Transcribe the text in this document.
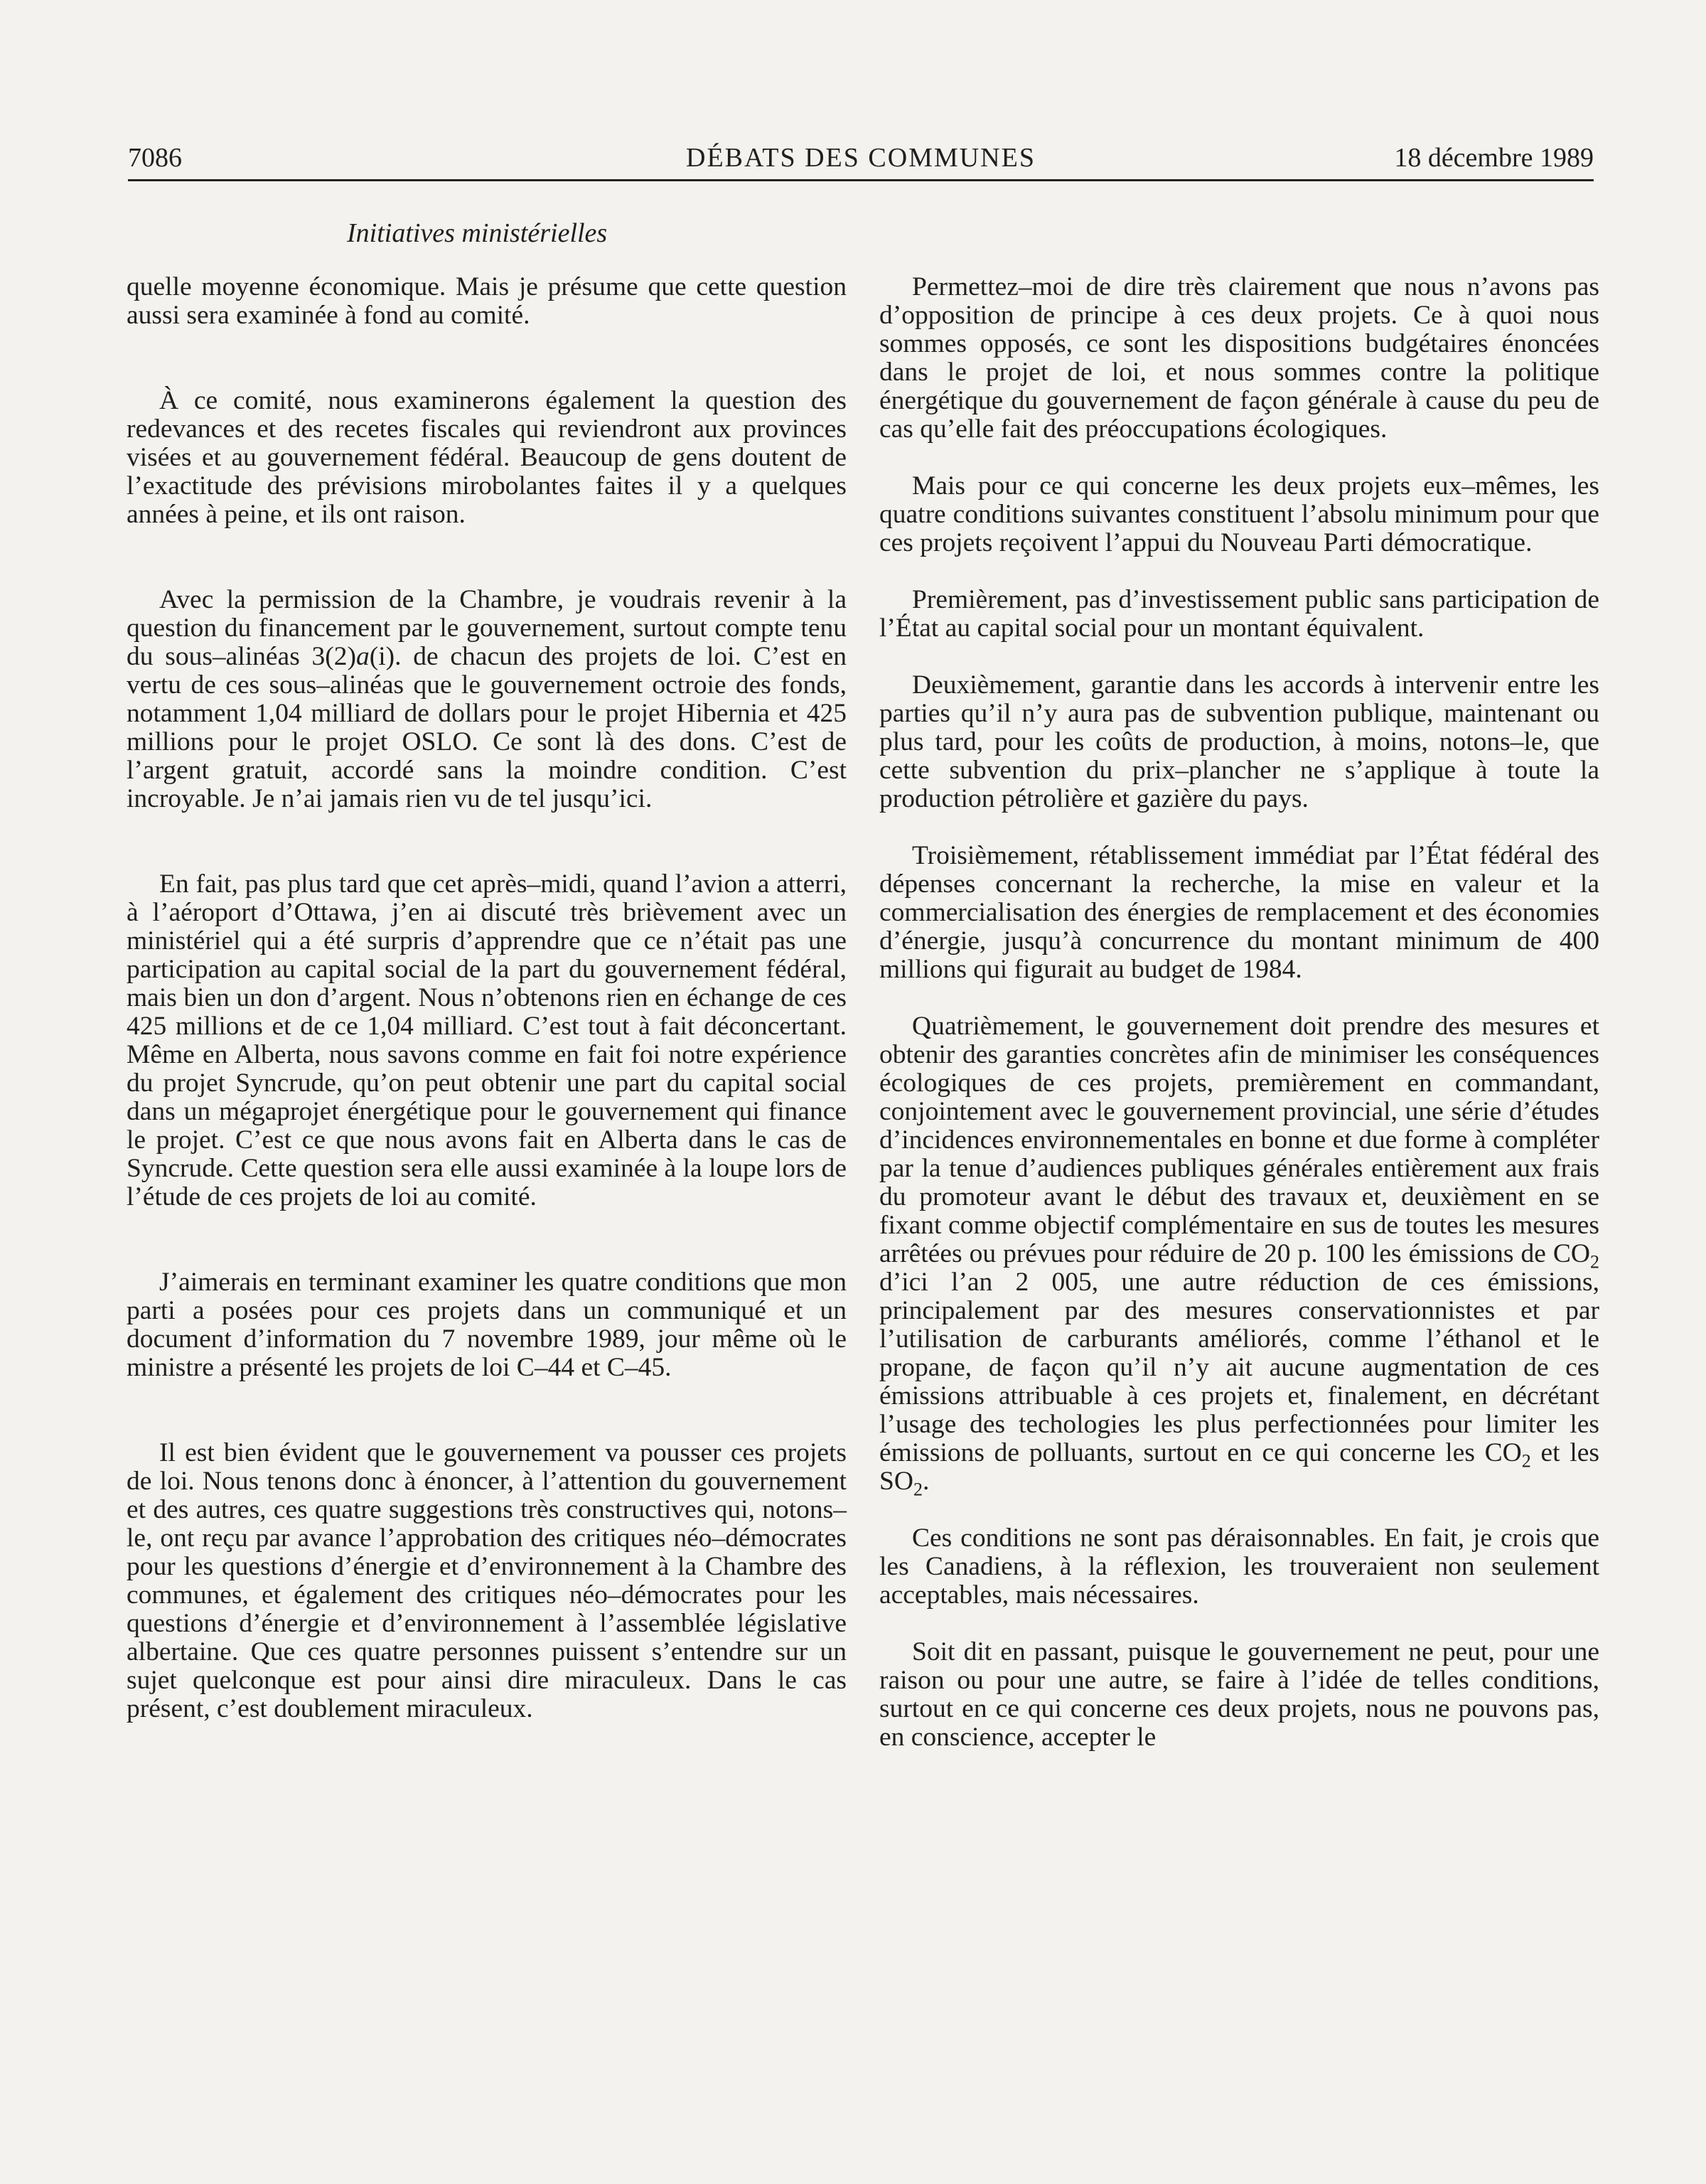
7086	DÉBATS DES COMMUNES	18 décembre 1989
Initiatives ministérielles

quelle moyenne économique. Mais je présume que cette question aussi sera examinée à fond au comité.

À ce comité, nous examinerons également la question des redevances et des recetes fiscales qui reviendront aux provinces visées et au gouvernement fédéral. Beaucoup de gens doutent de l’exactitude des prévisions mirobolantes faites il y a quelques années à peine, et ils ont raison.

Avec la permission de la Chambre, je voudrais revenir à la question du financement par le gouvernement, surtout compte tenu du sous–alinéas 3(2)a(i). de chacun des projets de loi. C’est en vertu de ces sous–alinéas que le gouvernement octroie des fonds, notamment 1,04 milliard de dollars pour le projet Hibernia et 425 millions pour le projet OSLO. Ce sont là des dons. C’est de l’argent gratuit, accordé sans la moindre condition. C’est incroyable. Je n’ai jamais rien vu de tel jusqu’ici.

En fait, pas plus tard que cet après–midi, quand l’avion a atterri, à l’aéroport d’Ottawa, j’en ai discuté très brièvement avec un ministériel qui a été surpris d’apprendre que ce n’était pas une participation au capital social de la part du gouvernement fédéral, mais bien un don d’argent. Nous n’obtenons rien en échange de ces 425 millions et de ce 1,04 milliard. C’est tout à fait déconcertant. Même en Alberta, nous savons comme en fait foi notre expérience du projet Syncrude, qu’on peut obtenir une part du capital social dans un mégaprojet énergétique pour le gouvernement qui finance le projet. C’est ce que nous avons fait en Alberta dans le cas de Syncrude. Cette question sera elle aussi examinée à la loupe lors de l’étude de ces projets de loi au comité.

J’aimerais en terminant examiner les quatre conditions que mon parti a posées pour ces projets dans un communiqué et un document d’information du 7 novembre 1989, jour même où le ministre a présenté les projets de loi C–44 et C–45.

Il est bien évident que le gouvernement va pousser ces projets de loi. Nous tenons donc à énoncer, à l’attention du gouvernement et des autres, ces quatre suggestions très constructives qui, notons–le, ont reçu par avance l’approbation des critiques néo–démocrates pour les questions d’énergie et d’environnement à la Chambre des communes, et également des critiques néo–démocrates pour les questions d’énergie et d’environnement à l’assemblée législative albertaine. Que ces quatre personnes puissent s’entendre sur un sujet quelconque est pour ainsi dire miraculeux. Dans le cas présent, c’est doublement miraculeux.

Permettez–moi de dire très clairement que nous n’avons pas d’opposition de principe à ces deux projets. Ce à quoi nous sommes opposés, ce sont les dispositions budgétaires énoncées dans le projet de loi, et nous sommes contre la politique énergétique du gouvernement de façon générale à cause du peu de cas qu’elle fait des préoccupations écologiques.

Mais pour ce qui concerne les deux projets eux–mêmes, les quatre conditions suivantes constituent l’absolu minimum pour que ces projets reçoivent l’appui du Nouveau Parti démocratique.

Premièrement, pas d’investissement public sans participation de l’État au capital social pour un montant équivalent.

Deuxièmement, garantie dans les accords à intervenir entre les parties qu’il n’y aura pas de subvention publique, maintenant ou plus tard, pour les coûts de production, à moins, notons–le, que cette subvention du prix–plancher ne s’applique à toute la production pétrolière et gazière du pays.

Troisièmement, rétablissement immédiat par l’État fédéral des dépenses concernant la recherche, la mise en valeur et la commercialisation des énergies de remplacement et des économies d’énergie, jusqu’à concurrence du montant minimum de 400 millions qui figurait au budget de 1984.

Quatrièmement, le gouvernement doit prendre des mesures et obtenir des garanties concrètes afin de minimiser les conséquences écologiques de ces projets, premièrement en commandant, conjointement avec le gouvernement provincial, une série d’études d’incidences environnementales en bonne et due forme à compléter par la tenue d’audiences publiques générales entièrement aux frais du promoteur avant le début des travaux et, deuxièment en se fixant comme objectif complémentaire en sus de toutes les mesures arrêtées ou prévues pour réduire de 20 p. 100 les émissions de $CO_2$ d’ici l’an 2 005, une autre réduction de ces émissions, principalement par des mesures conservationnistes et par l’utilisation de carburants améliorés, comme l’éthanol et le propane, de façon qu’il n’y ait aucune augmentation de ces émissions attribuable à ces projets et, finalement, en décrétant l’usage des techologies les plus perfectionnées pour limiter les émissions de polluants, surtout en ce qui concerne les $CO_2$ et les $SO_2$.

Ces conditions ne sont pas déraisonnables. En fait, je crois que les Canadiens, à la réflexion, les trouveraient non seulement acceptables, mais nécessaires.

Soit dit en passant, puisque le gouvernement ne peut, pour une raison ou pour une autre, se faire à l’idée de telles conditions, surtout en ce qui concerne ces deux projets, nous ne pouvons pas, en conscience, accepter le
